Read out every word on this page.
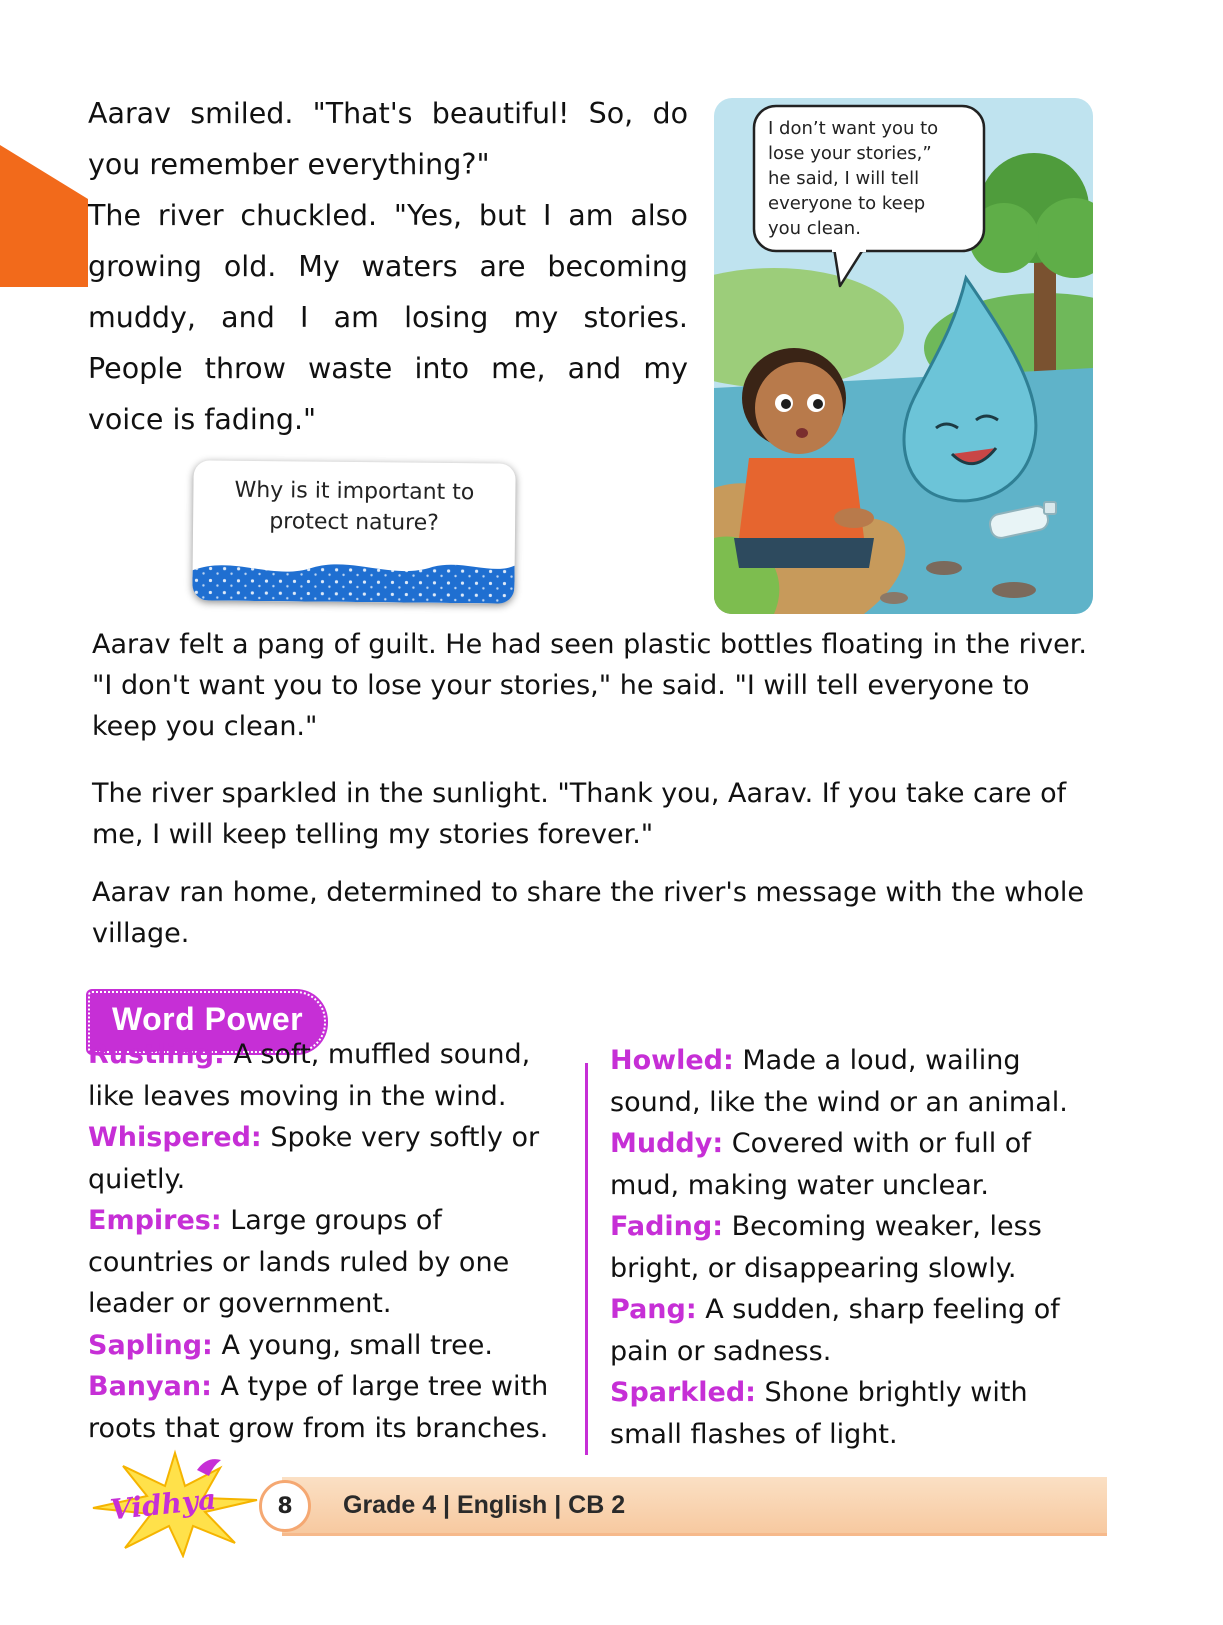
Aarav smiled. "That's beautiful! So, do you remember everything?"

The river chuckled. "Yes, but I am also growing old. My waters are becoming muddy, and I am losing my stories. People throw waste into me, and my voice is fading."

Why is it important to
protect nature?
I don’t want you to
lose your stories,”
he said, I will tell
everyone to keep
you clean.

Aarav felt a pang of guilt. He had seen plastic bottles floating in the river. "I don't want you to lose your stories," he said. "I will tell everyone to keep you clean."

The river sparkled in the sunlight. "Thank you, Aarav. If you take care of me, I will keep telling my stories forever."

Aarav ran home, determined to share the river's message with the whole village.

Word Power

Rustling: A soft, muffled sound, like leaves moving in the wind.

Whispered: Spoke very softly or quietly.

Empires: Large groups of countries or lands ruled by one leader or government.

Sapling: A young, small tree.

Banyan: A type of large tree with roots that grow from its branches.

Howled: Made a loud, wailing sound, like the wind or an animal.

Muddy: Covered with or full of mud, making water unclear.

Fading: Becoming weaker, less bright, or disappearing slowly.

Pang: A sudden, sharp feeling of pain or sadness.

Sparkled: Shone brightly with small flashes of light.

Vidhya	8	Grade 4 | English | CB 2
